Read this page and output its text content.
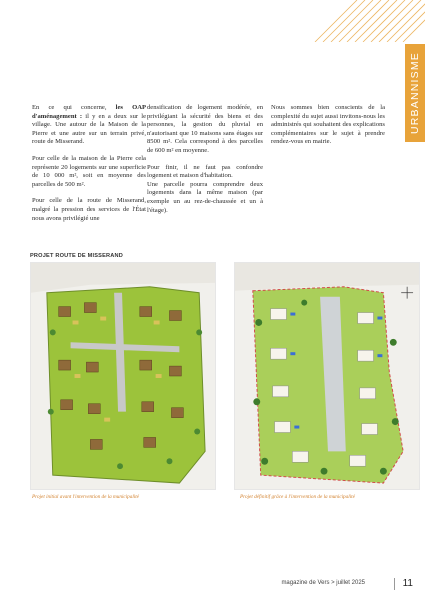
URBANNISME

En ce qui concerne, les OAP d'aménagement : il y en a deux sur le village. Une autour de la Maison de la Pierre et une autre sur un terrain privé, route de Misserand.

Pour celle de la maison de la Pierre cela représente 20 logements sur une superficie de 10 000 m², soit en moyenne des parcelles de 500 m².

Pour celle de la route de Misserand, malgré la pression des services de l'État nous avons privilégié une

densification de logement modérée, en privilégiant la sécurité des biens et des personnes, la gestion du pluvial en n'autorisant que 10 maisons sans étages sur 8500 m². Cela correspond à des parcelles de 600 m² en moyenne.

Pour finir, il ne faut pas confondre logement et maison d'habitation.

Une parcelle pourra comprendre deux logements dans la même maison (par exemple un au rez-de-chaussée et un à l'étage).

Nous sommes bien conscients de la complexité du sujet aussi invitons-nous les administrés qui souhaitent des explications complémentaires sur le sujet à prendre rendez-vous en mairie.

PROJET ROUTE DE MISSERAND
Projet initial avant l'intervention de la municipalité	Projet définitif grâce à l'intervention de la municipalité
magazine de Vers > juillet 2025	11
